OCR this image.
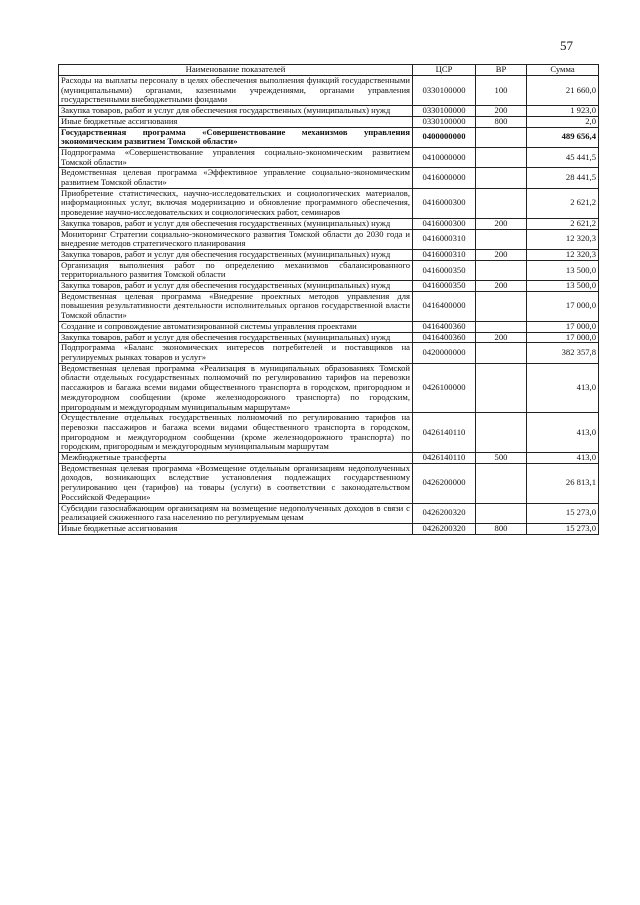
57
Наименование показателей	ЦСР	ВР	Сумма
Расходы на выплаты персоналу в целях обеспечения выполнения функций государственными (муниципальными) органами, казенными учреждениями, органами управления государственными внебюджетными фондами	0330100000	100	21 660,0
Закупка товаров, работ и услуг для обеспечения государственных (муниципальных) нужд	0330100000	200	1 923,0
Иные бюджетные ассигнования	0330100000	800	2,0
Государственная программа «Совершенствование механизмов управления экономическим развитием Томской области»	0400000000		489 656,4
Подпрограмма «Совершенствование управления социально-экономическим развитием Томской области»	0410000000		45 441,5
Ведомственная целевая программа «Эффективное управление социально-экономическим развитием Томской области»	0416000000		28 441,5
Приобретение статистических, научно-исследовательских и социологических материалов, информационных услуг, включая модернизацию и обновление программного обеспечения, проведение научно-исследовательских и социологических работ, семинаров	0416000300		2 621,2
Закупка товаров, работ и услуг для обеспечения государственных (муниципальных) нужд	0416000300	200	2 621,2
Мониторинг Стратегии социально-экономического развития Томской области до 2030 года и внедрение методов стратегического планирования	0416000310		12 320,3
Закупка товаров, работ и услуг для обеспечения государственных (муниципальных) нужд	0416000310	200	12 320,3
Организация выполнения работ по определению механизмов сбалансированного территориального развития Томской области	0416000350		13 500,0
Закупка товаров, работ и услуг для обеспечения государственных (муниципальных) нужд	0416000350	200	13 500,0
Ведомственная целевая программа «Внедрение проектных методов управления для повышения результативности деятельности исполнительных органов государственной власти Томской области»	0416400000		17 000,0
Создание и сопровождение автоматизированной системы управления проектами	0416400360		17 000,0
Закупка товаров, работ и услуг для обеспечения государственных (муниципальных) нужд	0416400360	200	17 000,0
Подпрограмма «Баланс экономических интересов потребителей и поставщиков на регулируемых рынках товаров и услуг»	0420000000		382 357,8
Ведомственная целевая программа «Реализация в муниципальных образованиях Томской области отдельных государственных полномочий по регулированию тарифов на перевозки пассажиров и багажа всеми видами общественного транспорта в городском, пригородном и междугородном сообщении (кроме железнодорожного транспорта) по городским, пригородным и междугородным муниципальным маршрутам»	0426100000		413,0
Осуществление отдельных государственных полномочий по регулированию тарифов на перевозки пассажиров и багажа всеми видами общественного транспорта в городском, пригородном и междугородном сообщении (кроме железнодорожного транспорта) по городским, пригородным и междугородным муниципальным маршрутам	0426140110		413,0
Межбюджетные трансферты	0426140110	500	413,0
Ведомственная целевая программа «Возмещение отдельным организациям недополученных доходов, возникающих вследствие установления подлежащих государственному регулированию цен (тарифов) на товары (услуги) в соответствии с законодательством Российской Федерации»	0426200000		26 813,1
Субсидии газоснабжающим организациям на возмещение недополученных доходов в связи с реализацией сжиженного газа населению по регулируемым ценам	0426200320		15 273,0
Иные бюджетные ассигнования	0426200320	800	15 273,0
